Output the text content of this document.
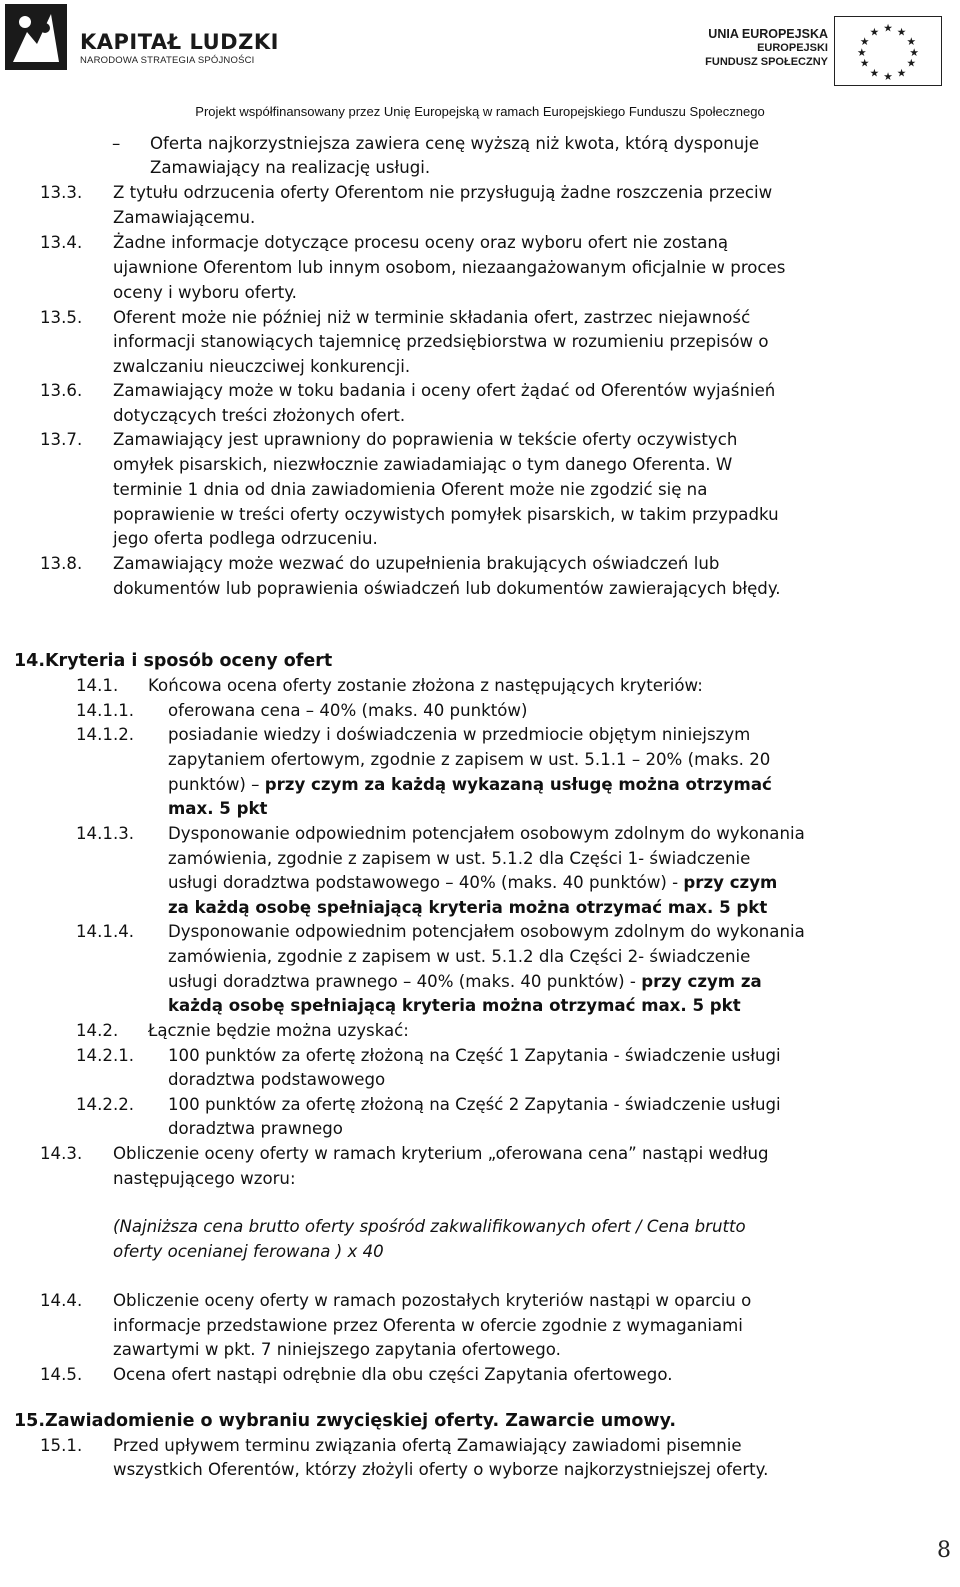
KAPITAŁ LUDZKI
NARODOWA STRATEGIA SPÓJNOŚCI
UNIA EUROPEJSKA
EUROPEJSKI
FUNDUSZ SPOŁECZNY
★ ★
★
★
★
★
★
★
★
★
★
★
Projekt współfinansowany przez Unię Europejską w ramach Europejskiego Funduszu Społecznego
– Oferta najkorzystniejsza zawiera cenę wyższą niż kwota, którą dysponuje
Zamawiający na realizację usługi.
13.3. Z tytułu odrzucenia oferty Oferentom nie przysługują żadne roszczenia przeciw
Zamawiającemu.
13.4. Żadne informacje dotyczące procesu oceny oraz wyboru ofert nie zostaną
ujawnione Oferentom lub innym osobom, niezaangażowanym oficjalnie w proces
oceny i wyboru oferty.
13.5. Oferent może nie później niż w terminie składania ofert, zastrzec niejawność
informacji stanowiących tajemnicę przedsiębiorstwa w rozumieniu przepisów o
zwalczaniu nieuczciwej konkurencji.
13.6. Zamawiający może w toku badania i oceny ofert żądać od Oferentów wyjaśnień
dotyczących treści złożonych ofert.
13.7. Zamawiający jest uprawniony do poprawienia w tekście oferty oczywistych
omyłek pisarskich, niezwłocznie zawiadamiając o tym danego Oferenta. W
terminie 1 dnia od dnia zawiadomienia Oferent może nie zgodzić się na
poprawienie w treści oferty oczywistych pomyłek pisarskich, w takim przypadku
jego oferta podlega odrzuceniu.
13.8. Zamawiający może wezwać do uzupełnienia brakujących oświadczeń lub
dokumentów lub poprawienia oświadczeń lub dokumentów zawierających błędy.
14.Kryteria i sposób oceny ofert
14.1. Końcowa ocena oferty zostanie złożona z następujących kryteriów:
14.1.1. oferowana cena – 40% (maks. 40 punktów)
14.1.2. posiadanie wiedzy i doświadczenia w przedmiocie objętym niniejszym
zapytaniem ofertowym, zgodnie z zapisem w ust. 5.1.1 – 20% (maks. 20
punktów) – przy czym za każdą wykazaną usługę można otrzymać
max. 5 pkt
14.1.3. Dysponowanie odpowiednim potencjałem osobowym zdolnym do wykonania
zamówienia, zgodnie z zapisem w ust. 5.1.2 dla Części 1- świadczenie
usługi doradztwa podstawowego – 40% (maks. 40 punktów) - przy czym
za każdą osobę spełniającą kryteria można otrzymać max. 5 pkt
14.1.4. Dysponowanie odpowiednim potencjałem osobowym zdolnym do wykonania
zamówienia, zgodnie z zapisem w ust. 5.1.2 dla Części 2- świadczenie
usługi doradztwa prawnego – 40% (maks. 40 punktów) - przy czym za
każdą osobę spełniającą kryteria można otrzymać max. 5 pkt
14.2. Łącznie będzie można uzyskać:
14.2.1. 100 punktów za ofertę złożoną na Część 1 Zapytania - świadczenie usługi
doradztwa podstawowego
14.2.2. 100 punktów za ofertę złożoną na Część 2 Zapytania - świadczenie usługi
doradztwa prawnego
14.3. Obliczenie oceny oferty w ramach kryterium „oferowana cena” nastąpi według
następującego wzoru:
(Najniższa cena brutto oferty spośród zakwalifikowanych ofert / Cena brutto
oferty ocenianej ferowana ) x 40
14.4. Obliczenie oceny oferty w ramach pozostałych kryteriów nastąpi w oparciu o
informacje przedstawione przez Oferenta w ofercie zgodnie z wymaganiami
zawartymi w pkt. 7 niniejszego zapytania ofertowego.
14.5. Ocena ofert nastąpi odrębnie dla obu części Zapytania ofertowego.
15.Zawiadomienie o wybraniu zwycięskiej oferty. Zawarcie umowy.
15.1. Przed upływem terminu związania ofertą Zamawiający zawiadomi pisemnie
wszystkich Oferentów, którzy złożyli oferty o wyborze najkorzystniejszej oferty.
8
